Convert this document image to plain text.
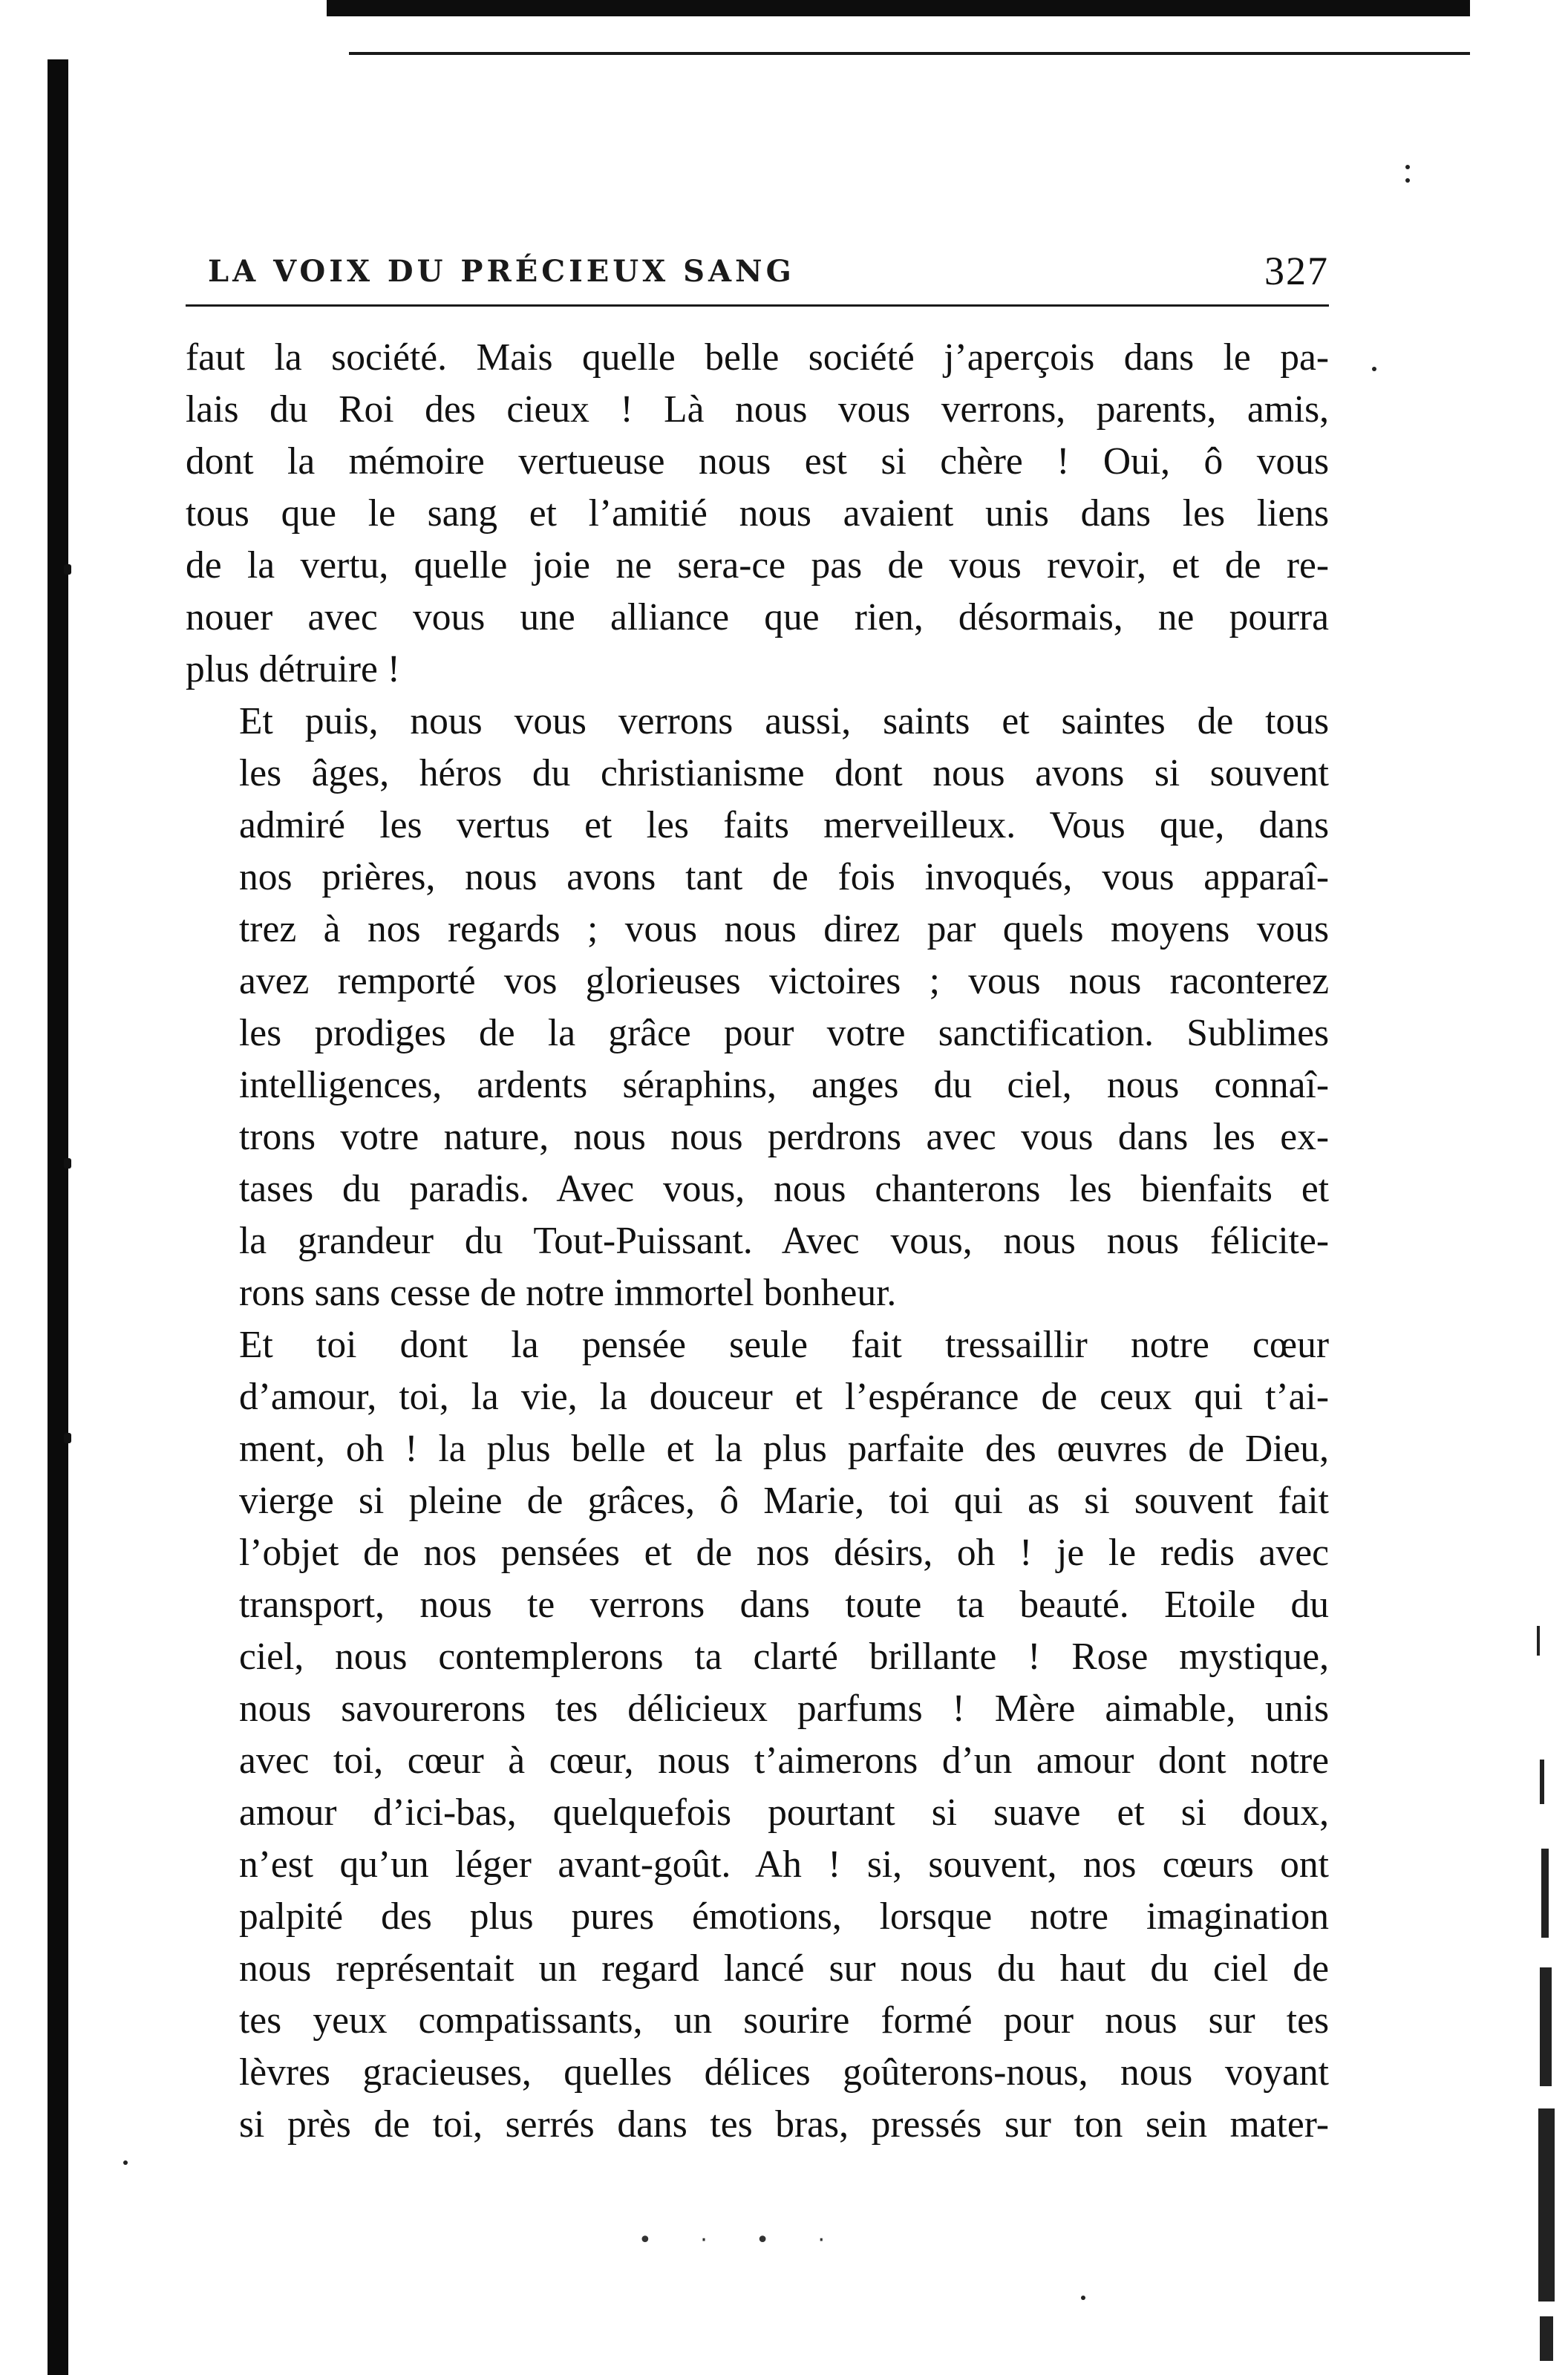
LA VOIX DU PRÉCIEUX SANG	327

faut la société. Mais quelle belle société j’aperçois dans le pa-
lais du Roi des cieux ! Là nous vous verrons, parents, amis,
dont la mémoire vertueuse nous est si chère ! Oui, ô vous
tous que le sang et l’amitié nous avaient unis dans les liens
de la vertu, quelle joie ne sera-ce pas de vous revoir, et de re-
nouer avec vous une alliance que rien, désormais, ne pourra
plus détruire !

Et puis, nous vous verrons aussi, saints et saintes de tous
les âges, héros du christianisme dont nous avons si souvent
admiré les vertus et les faits merveilleux. Vous que, dans
nos prières, nous avons tant de fois invoqués, vous apparaî-
trez à nos regards ; vous nous direz par quels moyens vous
avez remporté vos glorieuses victoires ; vous nous raconterez
les prodiges de la grâce pour votre sanctification. Sublimes
intelligences, ardents séraphins, anges du ciel, nous connaî-
trons votre nature, nous nous perdrons avec vous dans les ex-
tases du paradis. Avec vous, nous chanterons les bienfaits et
la grandeur du Tout-Puissant. Avec vous, nous nous félicite-
rons sans cesse de notre immortel bonheur.

Et toi dont la pensée seule fait tressaillir notre cœur
d’amour, toi, la vie, la douceur et l’espérance de ceux qui t’ai-
ment, oh ! la plus belle et la plus parfaite des œuvres de Dieu,
vierge si pleine de grâces, ô Marie, toi qui as si souvent fait
l’objet de nos pensées et de nos désirs, oh ! je le redis avec
transport, nous te verrons dans toute ta beauté. Etoile du
ciel, nous contemplerons ta clarté brillante ! Rose mystique,
nous savourerons tes délicieux parfums ! Mère aimable, unis
avec toi, cœur à cœur, nous t’aimerons d’un amour dont notre
amour d’ici-bas, quelquefois pourtant si suave et si doux,
n’est qu’un léger avant-goût. Ah ! si, souvent, nos cœurs ont
palpité des plus pures émotions, lorsque notre imagination
nous représentait un regard lancé sur nous du haut du ciel de
tes yeux compatissants, un sourire formé pour nous sur tes
lèvres gracieuses, quelles délices goûterons-nous, nous voyant
si près de toi, serrés dans tes bras, pressés sur ton sein mater-

• · • ·
